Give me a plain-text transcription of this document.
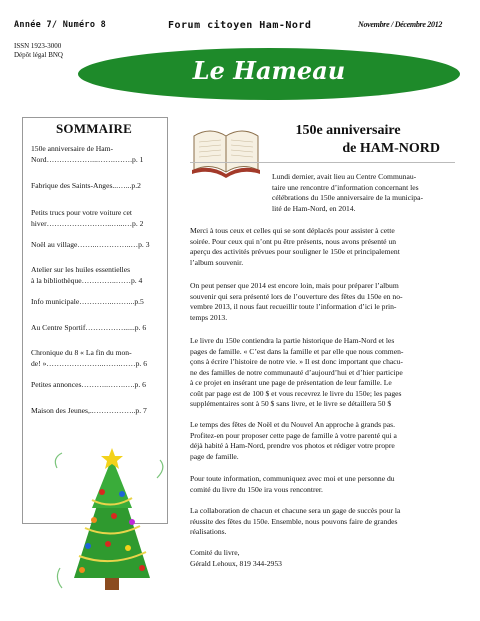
Année 7/ Numéro 8	Forum citoyen Ham-Nord	Novembre / Décembre 2012
ISSN 1923-3000
Dépôt légal BNQ
Le Hameau
SOMMAIRE
150e anniversaire de Ham-
Nord………………...…….…….p. 1
Fabrique des Saints-Anges...…...p.2
Petits trucs pour votre voiture cet
hiver……………………..…...…p. 2
Noël au village……..…………..…p. 3
Atelier sur les huiles essentielles
à la bibliothèque…………..……p. 4
Info municipale…………..……...p.5
Au Centre Sportif……………......p. 6
Chronique du 8 « La fin du mon-
de! »…………………..…….……p. 6
Petites annonces………..…….….p. 6
Maison des Jeunes,..……………..p. 7
150e anniversaire
de HAM-NORD
Lundi dernier, avait lieu au Centre Communau-
taire une rencontre d’information concernant les
célébrations du 150e anniversaire de la municipa-
lité de Ham-Nord, en 2014.
Merci à tous ceux et celles qui se sont déplacés pour assister à cette
soirée. Pour ceux qui n’ont pu être présents, nous avons présenté un
aperçu des activités prévues pour souligner le 150e et principalement
l’album souvenir.
On peut penser que 2014 est encore loin, mais pour préparer l’album
souvenir qui sera présenté lors de l’ouverture des fêtes du 150e en no-
vembre 2013, il nous faut recueillir toute l’information d’ici le prin-
temps 2013.
Le livre du 150e contiendra la partie historique de Ham-Nord et les
pages de famille. « C’est dans la famille et par elle que nous commen-
çons à écrire l’histoire de notre vie. » Il est donc important que chacu-
ne des familles de notre communauté d’aujourd’hui et d’hier participe
à ce projet en insérant une page de présentation de leur famille. Le
coût par page est de 100 $ et vous recevrez le livre du 150e; les pages
supplémentaires sont à 50 $ sans livre, et le livre se détaillera 50 $
Le temps des fêtes de Noël et du Nouvel An approche à grands pas.
Profitez-en pour proposer cette page de famille à votre parenté qui a
déjà habité à Ham-Nord, prendre vos photos et rédiger votre propre
page de famille.
Pour toute information, communiquez avec moi et une personne du
comité du livre du 150e ira vous rencontrer.
La collaboration de chacun et chacune sera un gage de succès pour la
réussite des fêtes du 150e. Ensemble, nous pouvons faire de grandes
réalisations.
Comité du livre,
Gérald Lehoux, 819 344-2953
